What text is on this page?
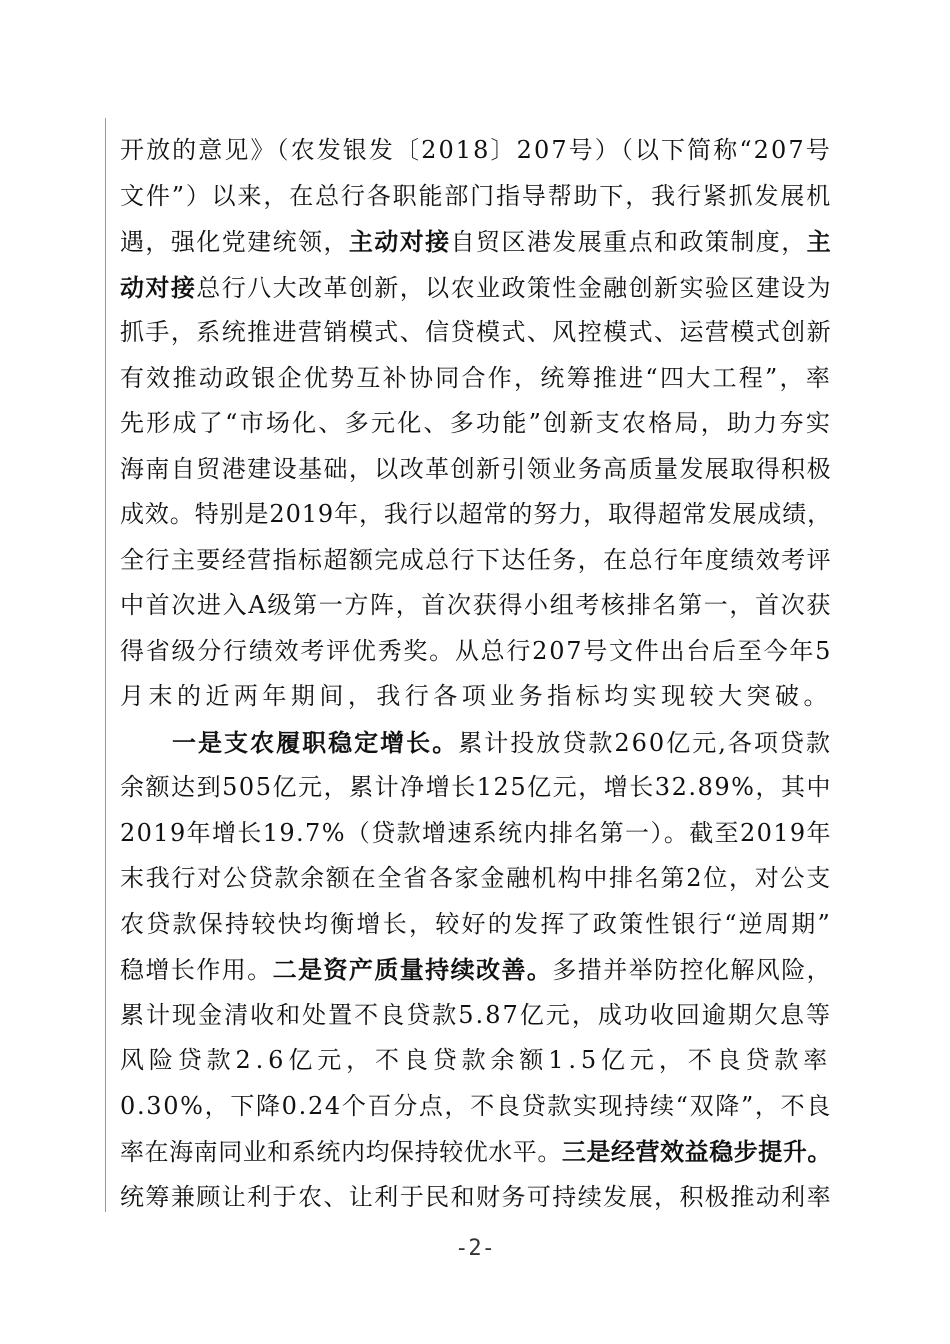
开放的意见》（农发银发〔2018〕207号）（以下简称“207号
文件”）以来，在总行各职能部门指导帮助下，我行紧抓发展机
遇，强化党建统领，主动对接自贸区港发展重点和政策制度，主
动对接总行八大改革创新，以农业政策性金融创新实验区建设为
抓手，系统推进营销模式、信贷模式、风控模式、运营模式创新
有效推动政银企优势互补协同合作，统筹推进“四大工程”，率
先形成了“市场化、多元化、多功能”创新支农格局，助力夯实
海南自贸港建设基础，以改革创新引领业务高质量发展取得积极
成效。特别是2019年，我行以超常的努力，取得超常发展成绩，
全行主要经营指标超额完成总行下达任务，在总行年度绩效考评
中首次进入A级第一方阵，首次获得小组考核排名第一，首次获
得省级分行绩效考评优秀奖。从总行207号文件出台后至今年5
月末的近两年期间，我行各项业务指标均实现较大突破。
一是支农履职稳定增长。累计投放贷款260亿元,各项贷款
余额达到505亿元，累计净增长125亿元，增长32.89%，其中
2019年增长19.7%（贷款增速系统内排名第一）。截至2019年
末我行对公贷款余额在全省各家金融机构中排名第2位，对公支
农贷款保持较快均衡增长，较好的发挥了政策性银行“逆周期”
稳增长作用。二是资产质量持续改善。多措并举防控化解风险，
累计现金清收和处置不良贷款5.87亿元，成功收回逾期欠息等
风险贷款2.6亿元，不良贷款余额1.5亿元，不良贷款率
0.30%，下降0.24个百分点，不良贷款实现持续“双降”，不良
率在海南同业和系统内均保持较优水平。三是经营效益稳步提升。
统筹兼顾让利于农、让利于民和财务可持续发展，积极推动利率
-2-
